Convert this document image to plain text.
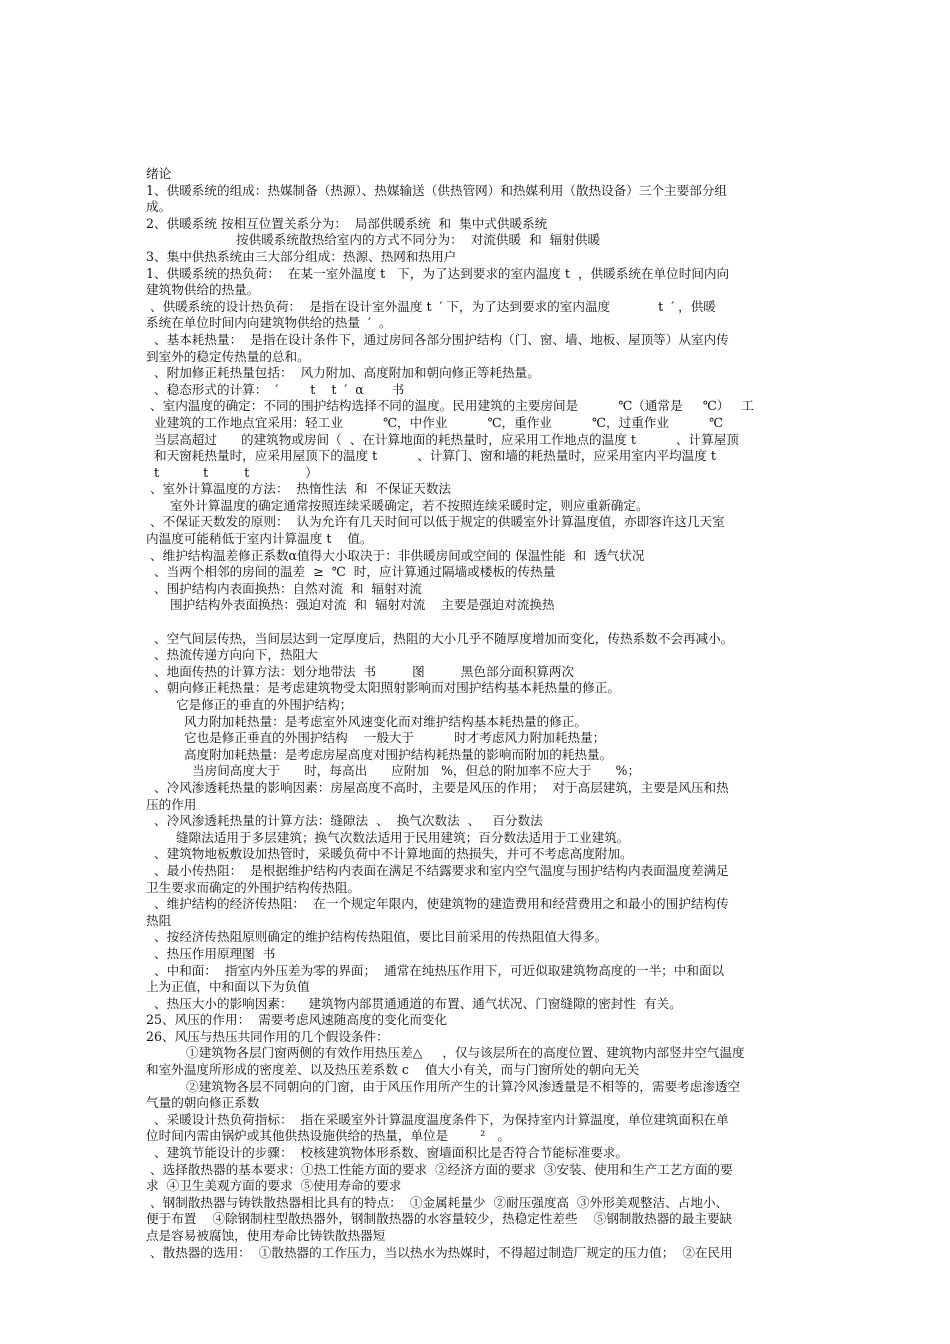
绪论
1、供暖系统的组成：热媒制备（热源）、热媒输送（供热管网）和热媒利用（散热设备）三个主要部分组
成。
2、供暖系统 按相互位置关系分为：  局部供暖系统  和  集中式供暖系统
按供暖系统散热给室内的方式不同分为：  对流供暖  和  辐射供暖
3、集中供热系统由三大部分组成：热源、热网和热用户
1、供暖系统的热负荷：  在某一室外温度 t   下，为了达到要求的室内温度 t  ，供暖系统在单位时间内向
建筑物供给的热量。
、供暖系统的设计热负荷：  是指在设计室外温度 t  ′ 下，为了达到要求的室内温度            t  ′ ，供暖
系统在单位时间内向建筑物供给的热量  ′  。
、基本耗热量：  是指在设计条件下，通过房间各部分围护结构（门、窗、墙、地板、屋顶等）从室内传
到室外的稳定传热量的总和。
、附加修正耗热量包括：  风力附加、高度附加和朝向修正等耗热量。
、稳态形式的计算：  ′        t    t  ′  α       书
、室内温度的确定：不同的围护结构选择不同的温度。民用建筑的主要房间是          ℃（通常是     ℃）   工
业建筑的工作地点宜采用：轻工业          ℃，中作业          ℃，重作业          ℃，过重作业          ℃
当层高超过      的建筑物或房间（  、在计算地面的耗热量时，应采用工作地点的温度 t          、计算屋顶
和天窗耗热量时，应采用屋顶下的温度 t          、计算门、窗和墙的耗热量时，应采用室内平均温度 t
t           t         t              ）
、室外计算温度的方法：  热惰性法  和  不保证天数法
室外计算温度的确定通常按照连续采暖确定，若不按照连续采暖时定，则应重新确定。
、不保证天数发的原则：  认为允许有几天时间可以低于规定的供暖室外计算温度值，亦即容许这几天室
内温度可能稍低于室内计算温度 t    值。
、维护结构温差修正系数α值得大小取决于：非供暖房间或空间的 保温性能  和  透气状况
、当两个相邻的房间的温差  ≥  ℃  时，应计算通过隔墙或楼板的传热量
、围护结构内表面换热：自然对流  和  辐射对流
围护结构外表面换热：强迫对流  和  辐射对流    主要是强迫对流换热
、空气间层传热，当间层达到一定厚度后，热阻的大小几乎不随厚度增加而变化，传热系数不会再减小。
、热流传递方向向下，热阻大
、地面传热的计算方法：划分地带法  书         图         黑色部分面积算两次
、朝向修正耗热量：是考虑建筑物受太阳照射影响而对围护结构基本耗热量的修正。
它是修正的垂直的外围护结构；
风力附加耗热量：是考虑室外风速变化而对维护结构基本耗热量的修正。
它也是修正垂直的外围护结构    一般大于          时才考虑风力附加耗热量；
高度附加耗热量：是考虑房屋高度对围护结构耗热量的影响而附加的耗热量。
当房间高度大于      时，每高出      应附加   %，但总的附加率不应大于      %；
、冷风渗透耗热量的影响因素：房屋高度不高时，主要是风压的作用；  对于高层建筑，主要是风压和热
压的作用
、冷风渗透耗热量的计算方法：缝隙法  、  换气次数法  、   百分数法
缝隙法适用于多层建筑；换气次数法适用于民用建筑；百分数法适用于工业建筑。
、建筑物地板敷设加热管时，采暖负荷中不计算地面的热损失，并可不考虑高度附加。
、最小传热阻：  是根据维护结构内表面在满足不结露要求和室内空气温度与围护结构内表面温度差满足
卫生要求而确定的外围护结构传热阻。
、维护结构的经济传热阻：  在一个规定年限内，使建筑物的建造费用和经营费用之和最小的围护结构传
热阻
、按经济传热阻原则确定的维护结构传热阻值，要比目前采用的传热阻值大得多。
、热压作用原理图  书
、中和面：  指室内外压差为零的界面；  通常在纯热压作用下，可近似取建筑物高度的一半；中和面以
上为正值，中和面以下为负值
、热压大小的影响因素：    建筑物内部贯通通道的布置、通气状况、门窗缝隙的密封性  有关。
25、风压的作用：  需要考虑风速随高度的变化而变化
26、风压与热压共同作用的几个假设条件：
①建筑物各层门窗两侧的有效作用热压差△     ，仅与该层所在的高度位置、建筑物内部竖井空气温度
和室外温度所形成的密度差、以及热压差系数 c    值大小有关，而与门窗所处的朝向无关
②建筑物各层不同朝向的门窗，由于风压作用所产生的计算冷风渗透量是不相等的，需要考虑渗透空
气量的朝向修正系数
、采暖设计热负荷指标：  指在采暖室外计算温度温度条件下，为保持室内计算温度，单位建筑面积在单
位时间内需由锅炉或其他供热设施供给的热量，单位是        ²   。
、建筑节能设计的步骤：  校核建筑物体形系数、窗墙面积比是否符合节能标准要求。
、选择散热器的基本要求：①热工性能方面的要求  ②经济方面的要求  ③安装、使用和生产工艺方面的要
求  ④卫生美观方面的要求  ⑤使用寿命的要求
、钢制散热器与铸铁散热器相比具有的特点：  ①金属耗量少  ②耐压强度高  ③外形美观整洁、占地小、
便于布置    ④除钢制柱型散热器外，钢制散热器的水容量较少，热稳定性差些    ⑤钢制散热器的最主要缺
点是容易被腐蚀，使用寿命比铸铁散热器短
、散热器的选用：  ①散热器的工作压力，当以热水为热媒时，不得超过制造厂规定的压力值；  ②在民用
